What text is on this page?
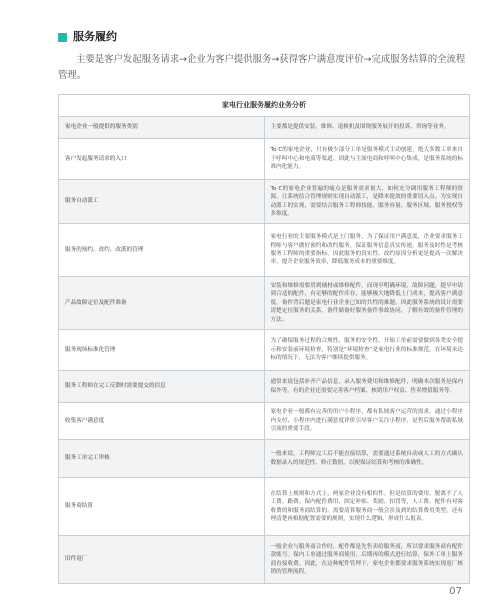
服务履约

主要是客户发起服务请求→企业为客户提供服务→获得客户满意度评价→完成服务结算的全流程管理。

家电行业服务履约业务分析	
家电企业一般提供的服务类别	主要都是提供安装、维修、退换机及围绕服务展开的投诉、咨询等业务。
客户发起服务请求的入口	To C的家电企业，只有极少部分工单是服务模式主动创建，绝大多数工单来自于呼叫中心和电商等渠道。因此与主流电商和呼叫中心集成，是服务系统的标准内化能力。
服务自动派工	To C的家电企业普遍的痛点是服务需求量大，如何充分调用服务工程师的资源，让系统结合管理规则实现自动派工，是降本提效的重要切入点。为实现自动派工的实现，需要结合服务工程师技能、服务容量、服务区域、服务授权等多维度。
服务的预约、改约、改派的管理	家电行业的主要服务模式是上门服务，为了保证用户满意度，企业要求服务工程师与客户做好预约和改约服务，保证服务信息真实传递。服务及时性是考核服务工程师的重要指标，因此服务的真实性、改约原因分析更是提高一次解决率，提升企业服务效率，降低服务成本的重要维度。
产品故障定位及配件准备	安装和维修需要用到辅材或维修配件，而现早明确环境、故障问题，提早申请到合适的配件，有足够的配件库存，能够极大地降低上门成本，提高客户满意度。备件背后题是家电行业企业已知的共性的难题，因此服务系统的设计需要清楚定位服务的关系，备件储备好服务备件事故协同，了解有效的备件管理的方法。
服务现场标准化管理	为了确保服务过程的合规性、服务的安全性，开始工单前需要做到各类安全提示和安装前环境检查，特别是“环境检查”是家电行业的标准规范。在环境未达标的情况下，无法为客户继续提供服务。
服务工程师在完工反馈时需要提交的信息	通常来说包括补齐产品信息，录入服务费用和维修配件，明确本次服务是保内保外等。有的企业还需要完善客户档案、核销用户权益、售卖增值服务等。
收集客户满意度	家电企业一般都有完善的用户小程序，都有私域客户运营的需求。通过小程序内支付、小程序内进行满意度评价引导客户关注小程序，是售后服务帮助私域引流的重要手段。
服务工单完工审核	一般来说，工程师完工后不能直接结算，需要通过系统自动或人工的方式确认数据录入的规范性、修正数据，以便保证结算和考核的准确性。
服务商结算	在结算上规则和方式上，两家企业没有相似性。但是结算的费用，脱离不了人工费、路费、保内配件费用、固定补贴、奖励、扣罚等，人工费、配件有对客收费的和服务商结算的。需要清算服务商一般会涉及到的结算费用类型，还有理清楚再根据配置需要的规则，实现什么逻辑，形成什么报表。
旧件返厂	一般企业与服务商合作时，配件都是先售卖给服务商，所以要求服务商有配件款账号。保内工单通过服务商使用，后期再的模式进行结算，保外工单上服务商直接收费。因此，在这种配件管理下，家电企业都要求服务系统实现返厂核销的管理流程。
07
